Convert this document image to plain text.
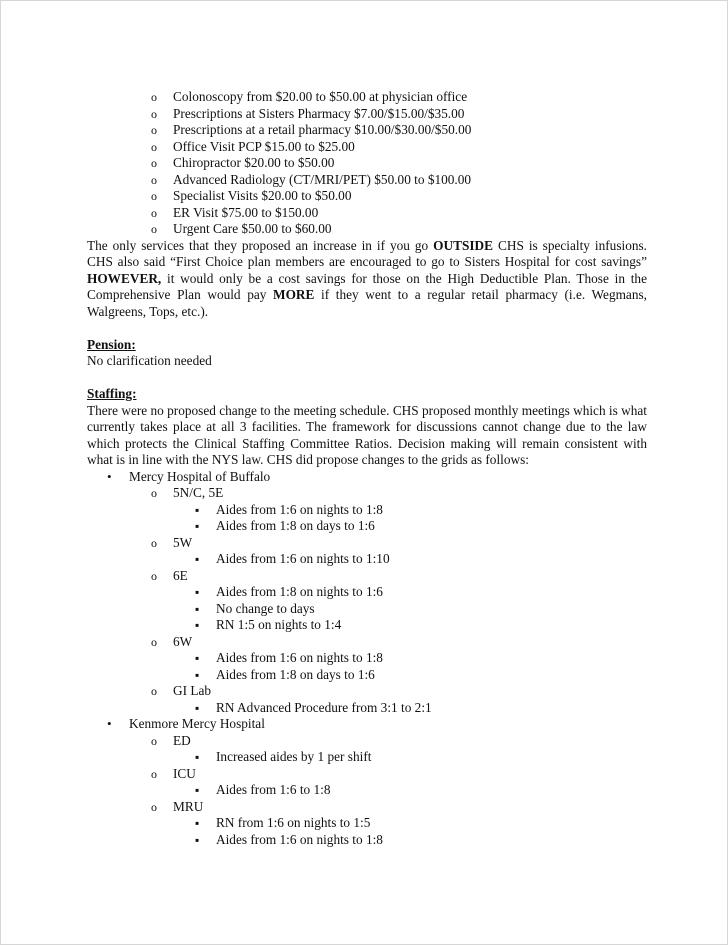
o Colonoscopy from $20.00 to $50.00 at physician office
o Prescriptions at Sisters Pharmacy $7.00/$15.00/$35.00
o Prescriptions at a retail pharmacy $10.00/$30.00/$50.00
o Office Visit PCP $15.00 to $25.00
o Chiropractor $20.00 to $50.00
o Advanced Radiology (CT/MRI/PET) $50.00 to $100.00
o Specialist Visits $20.00 to $50.00
o ER Visit $75.00 to $150.00
o Urgent Care $50.00 to $60.00

The only services that they proposed an increase in if you go OUTSIDE CHS is specialty infusions. CHS also said “First Choice plan members are encouraged to go to Sisters Hospital for cost savings” HOWEVER, it would only be a cost savings for those on the High Deductible Plan. Those in the Comprehensive Plan would pay MORE if they went to a regular retail pharmacy (i.e. Wegmans, Walgreens, Tops, etc.).

Pension:

No clarification needed

Staffing:

There were no proposed change to the meeting schedule. CHS proposed monthly meetings which is what currently takes place at all 3 facilities. The framework for discussions cannot change due to the law which protects the Clinical Staffing Committee Ratios. Decision making will remain consistent with what is in line with the NYS law. CHS did propose changes to the grids as follows:

• Mercy Hospital of Buffalo
o 5N/C, 5E
▪ Aides from 1:6 on nights to 1:8
▪ Aides from 1:8 on days to 1:6
o 5W
▪ Aides from 1:6 on nights to 1:10
o 6E
▪ Aides from 1:8 on nights to 1:6
▪ No change to days
▪ RN 1:5 on nights to 1:4
o 6W
▪ Aides from 1:6 on nights to 1:8
▪ Aides from 1:8 on days to 1:6
o GI Lab
▪ RN Advanced Procedure from 3:1 to 2:1
• Kenmore Mercy Hospital
o ED
▪ Increased aides by 1 per shift
o ICU
▪ Aides from 1:6 to 1:8
o MRU
▪ RN from 1:6 on nights to 1:5
▪ Aides from 1:6 on nights to 1:8
